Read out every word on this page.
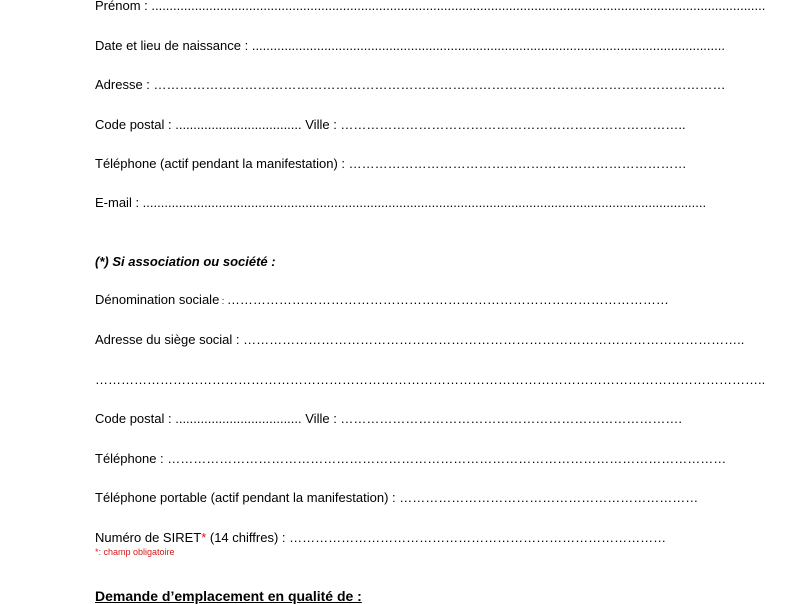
Prénom : ..........................................................................................................................................................................
Date et lieu de naissance : ...................................................................................................................................
Adresse : ……………………………………………………………………………………………………………………
Code postal : ................................... Ville : ……………………………………………………………………..
Téléphone (actif pendant la manifestation) : ……………………………………………………………………
E-mail : ............................................................................................................................................................
(*) Si association ou société :
Dénomination sociale : …………………………………………………………………………………………
Adresse du siège social : ……………………………………………………………………………………………………..
………………………………………………………………………………………………………………………………………..
Code postal : ................................... Ville : …………………………………………………………………….
Téléphone : …………………………………………………………………………………………………………………
Téléphone portable (actif pendant la manifestation) : ……………………………………………………………
Numéro de SIRET* (14 chiffres) : ……………………………………………………………………………
*: champ obligatoire
Demande d’emplacement en qualité de :
